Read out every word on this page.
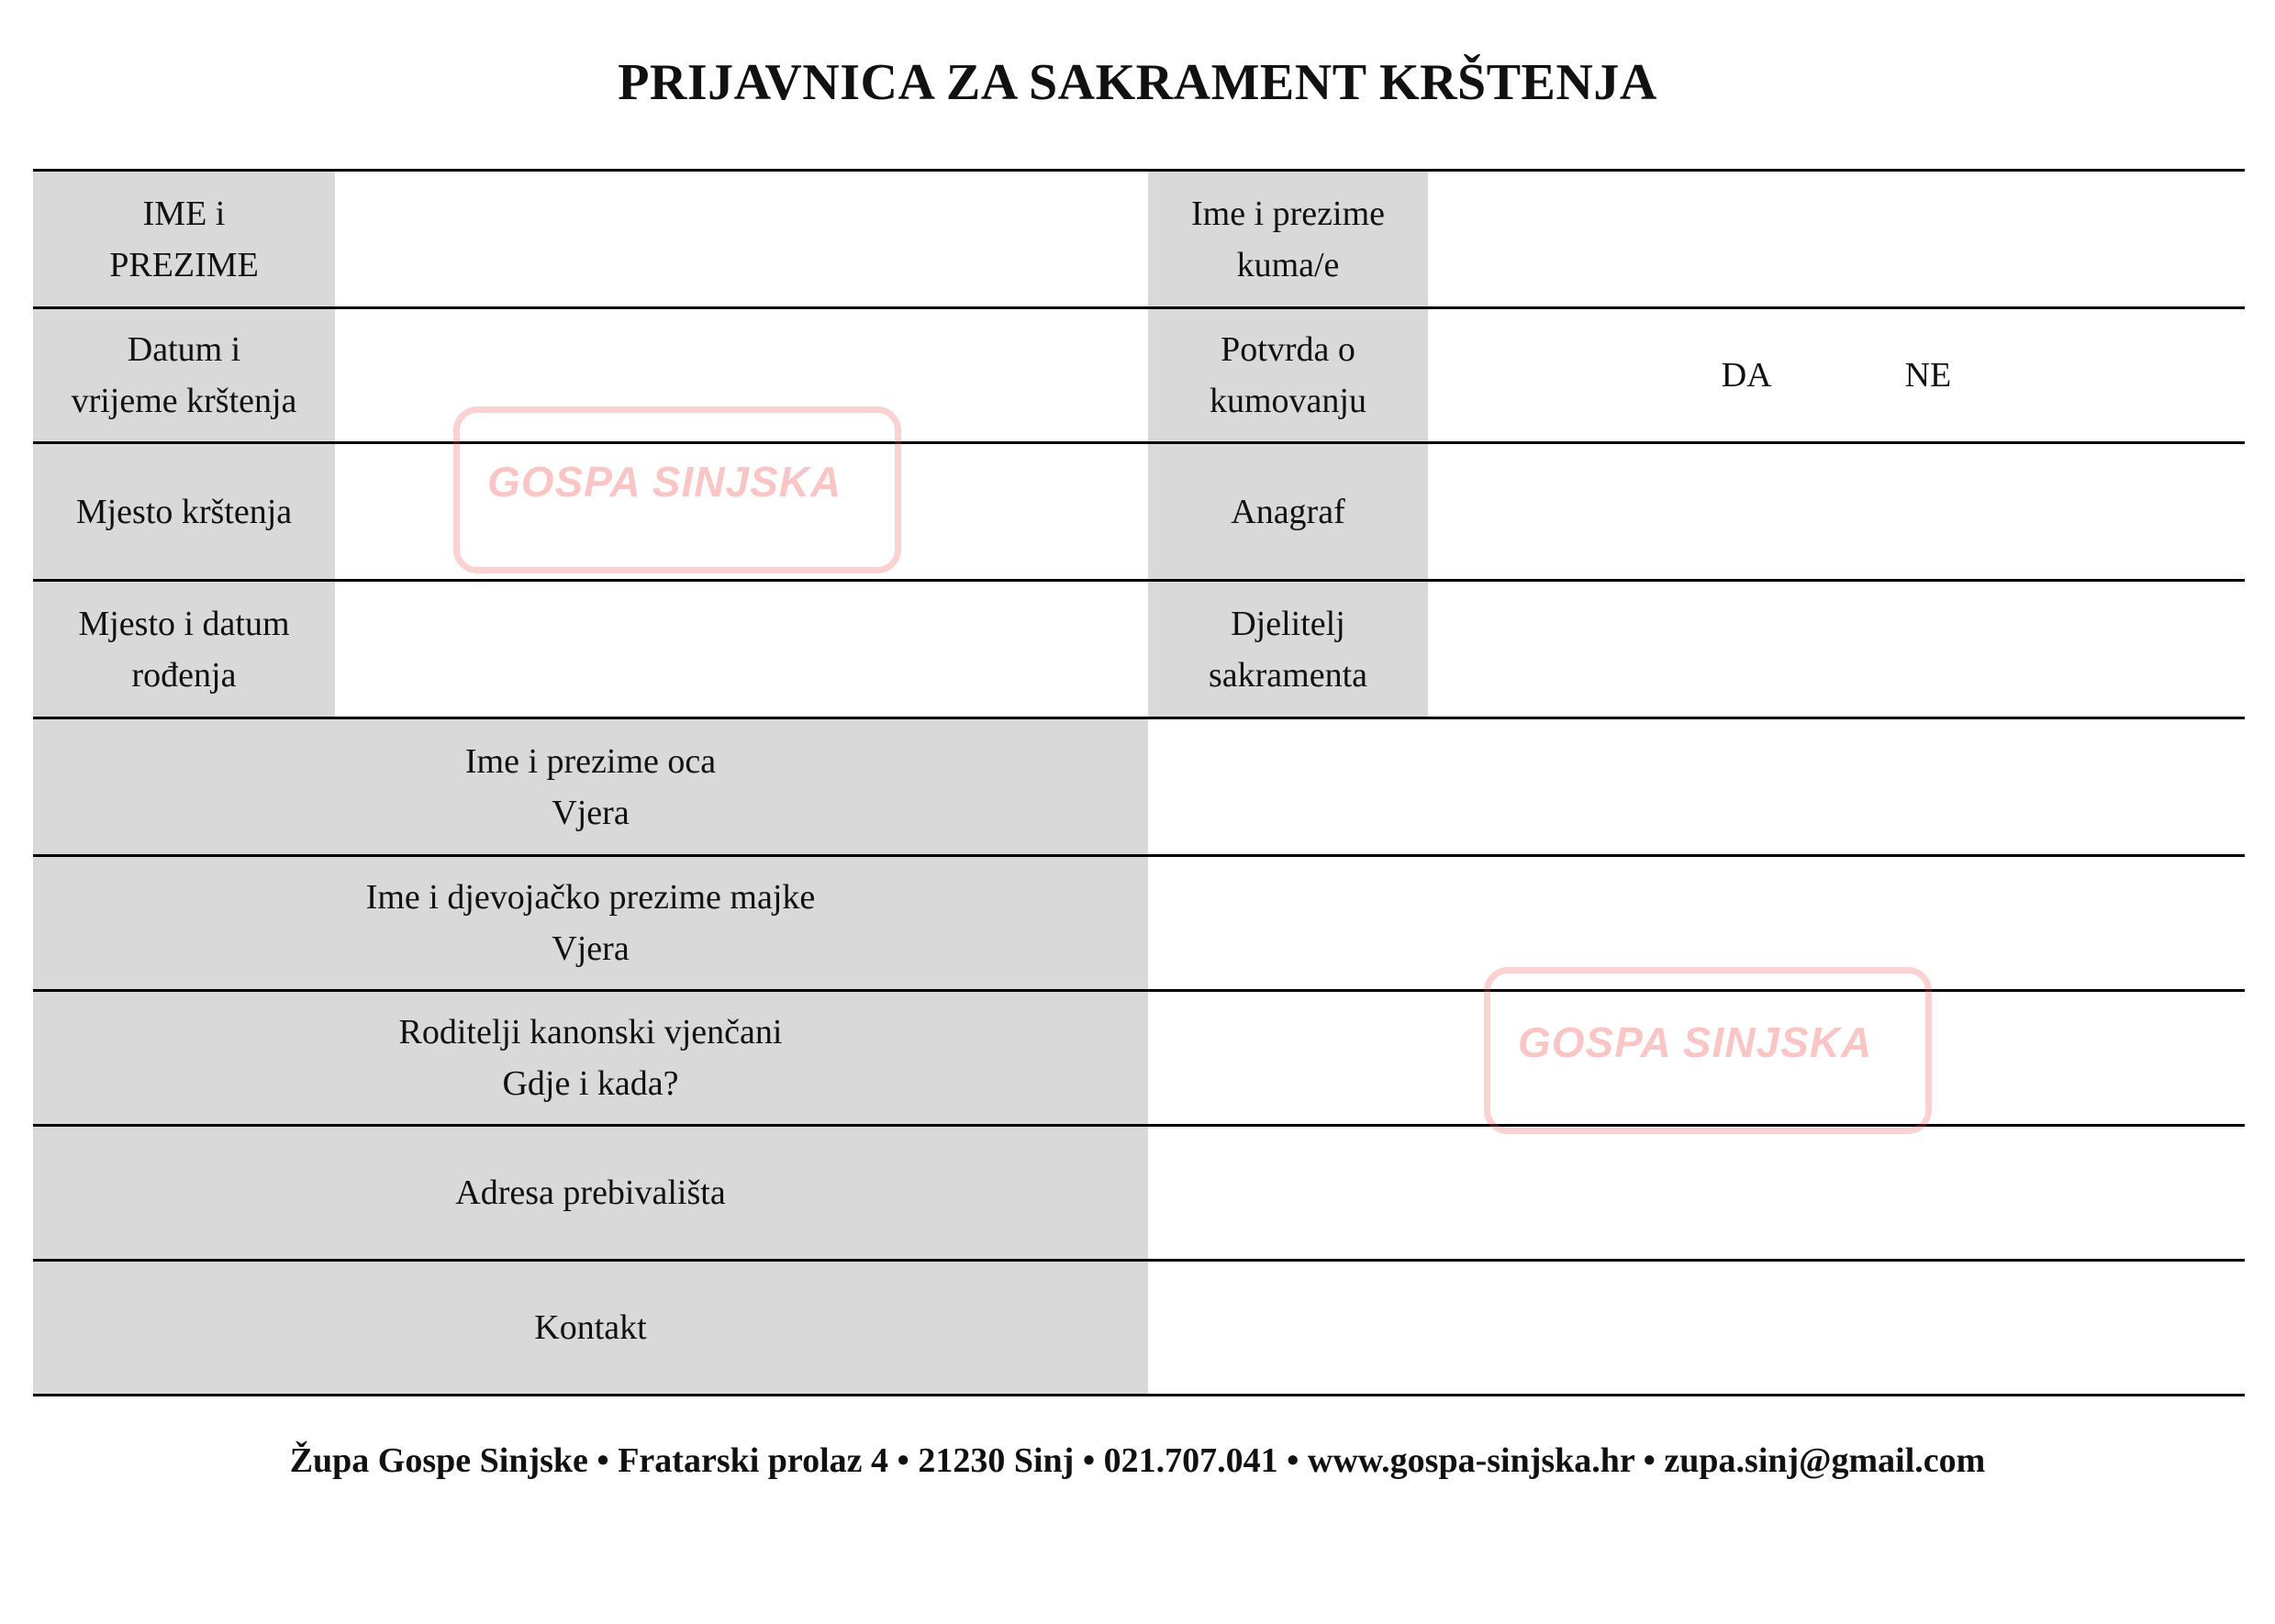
PRIJAVNICA ZA SAKRAMENT KRŠTENJA
IME i
PREZIME
Ime i prezime
kuma/e
Datum i
vrijeme krštenja
Potvrda o
kumovanju
DA	NE
Mjesto krštenja	Anagraf
Mjesto i datum
rođenja
Djelitelj
sakramenta
Ime i prezime oca
Vjera
Ime i djevojačko prezime majke
Vjera
Roditelji kanonski vjenčani
Gdje i kada?
Adresa prebivališta
Kontakt
GOSPA SINJSKA
GOSPA SINJSKA
Župa Gospe Sinjske • Fratarski prolaz 4 • 21230 Sinj • 021.707.041 • www.gospa-sinjska.hr • zupa.sinj@gmail.com
